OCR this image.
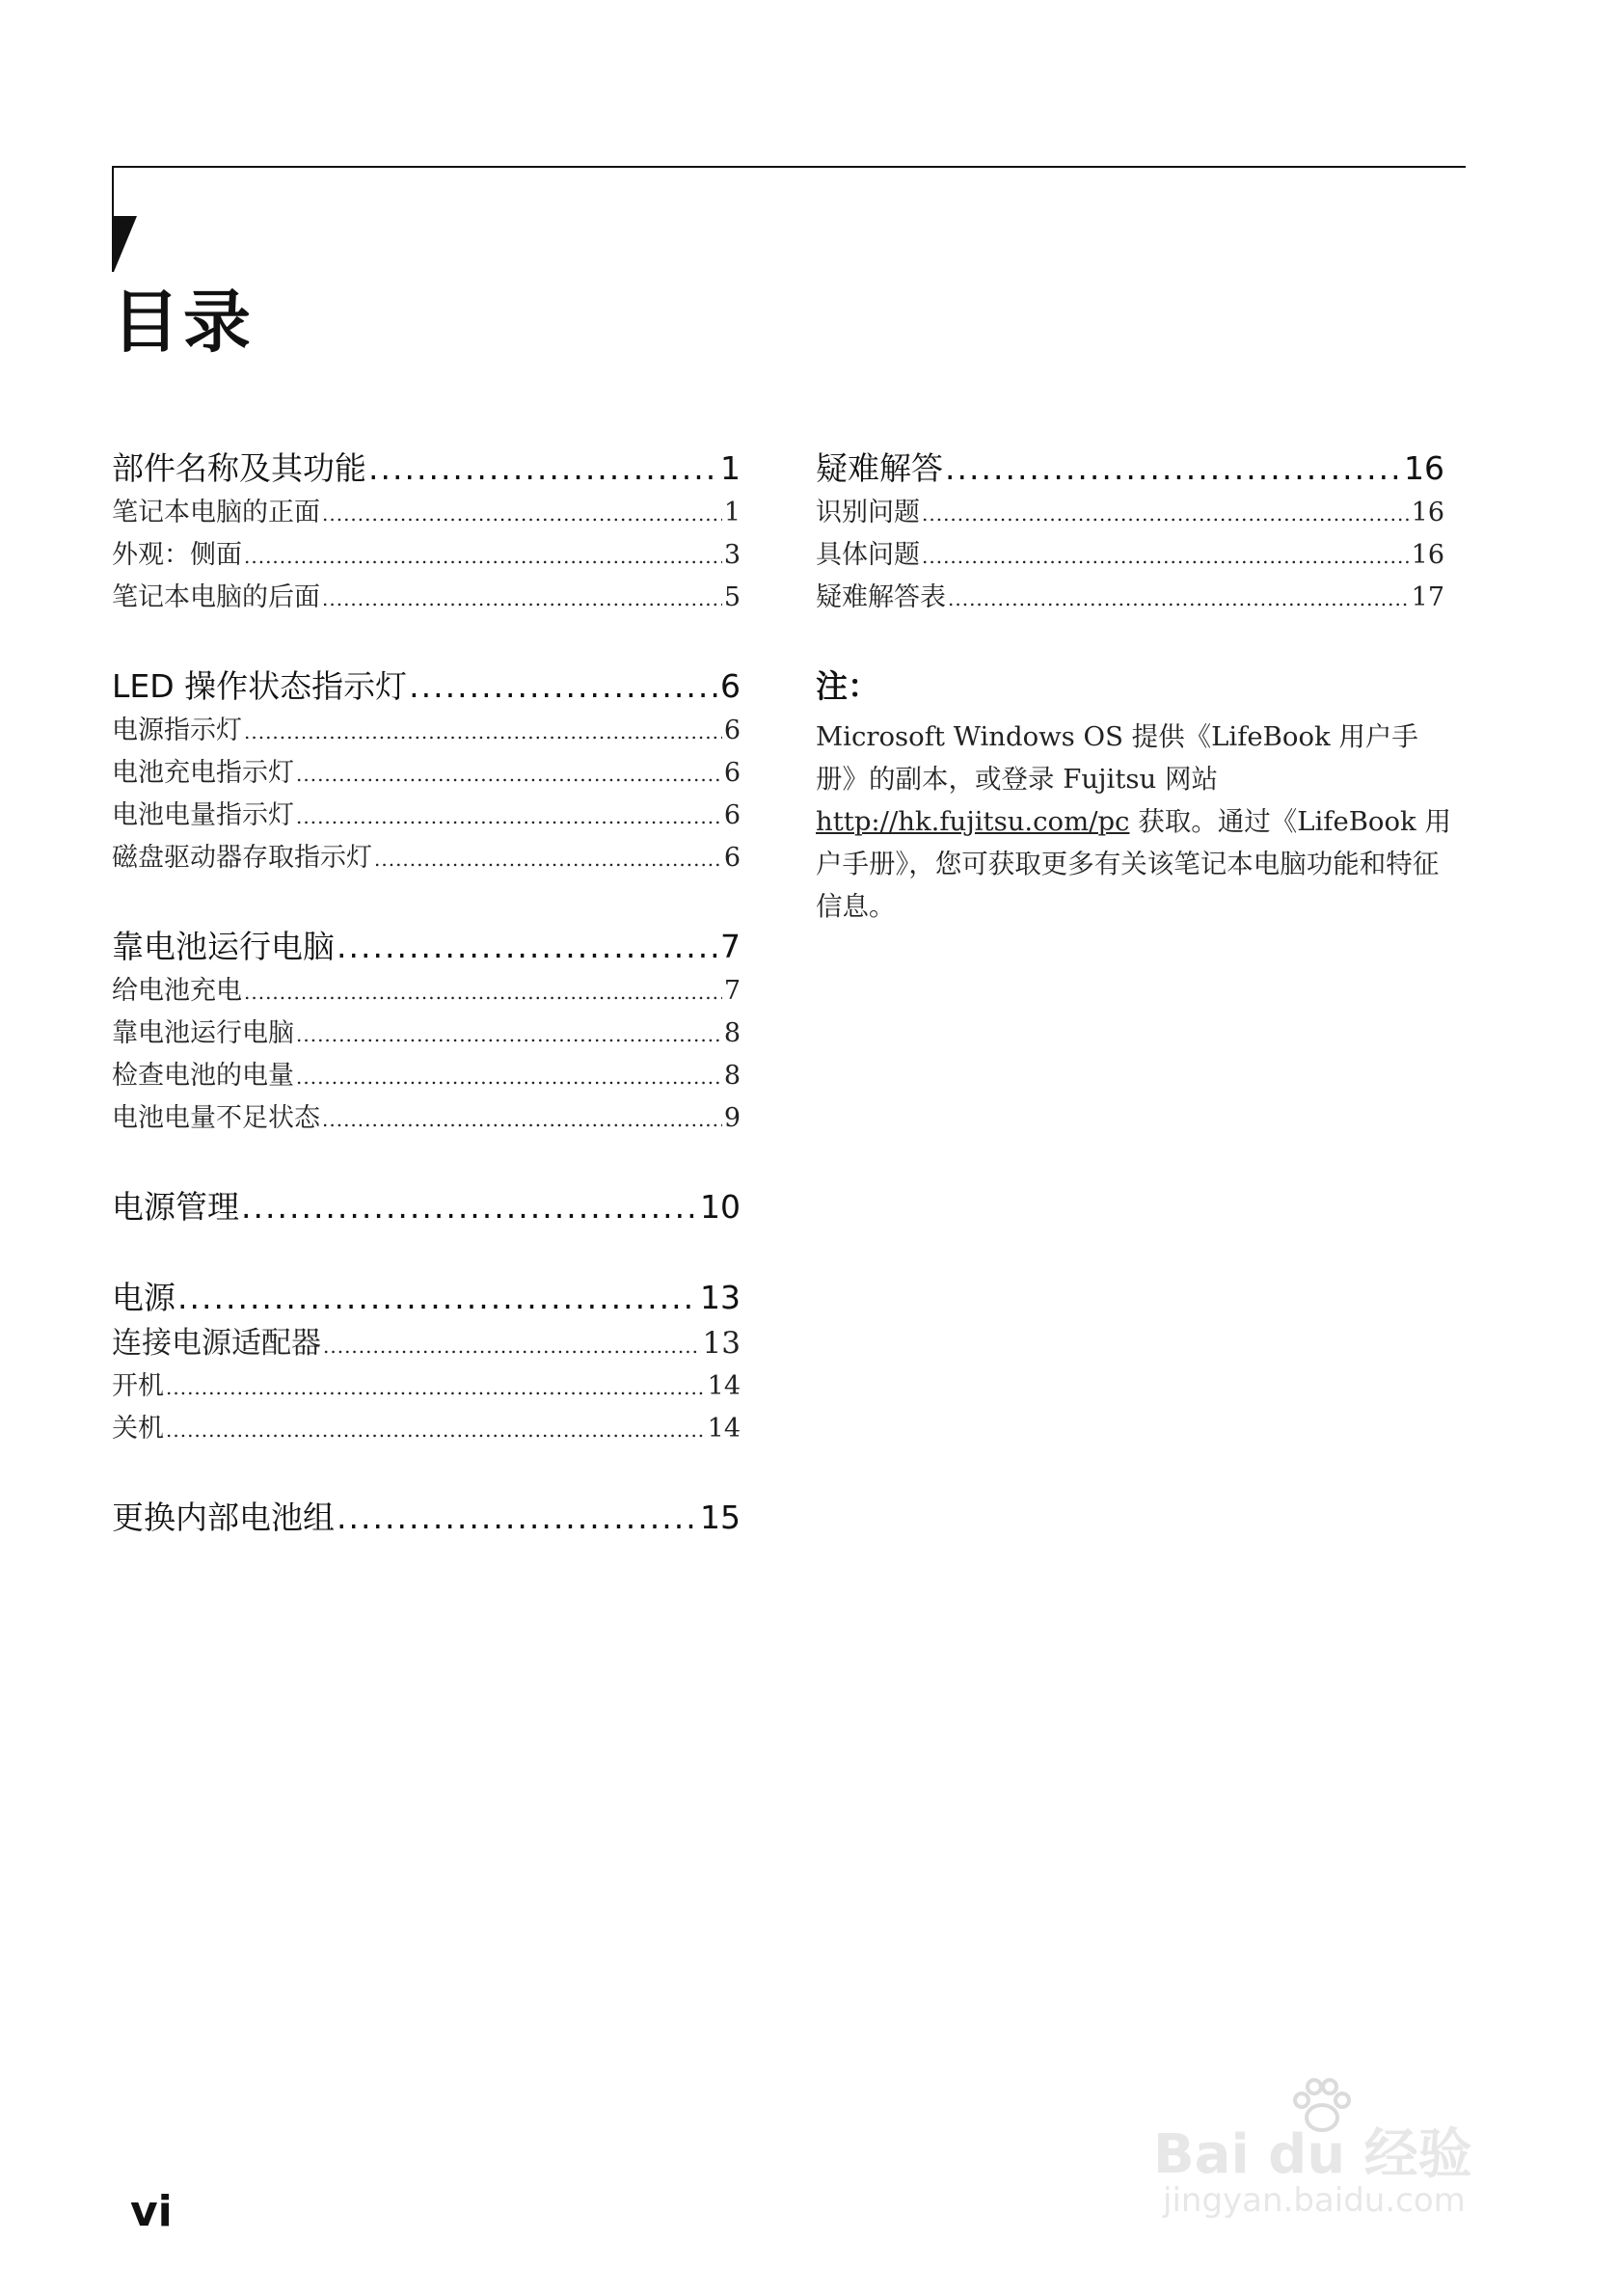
目录
部件名称及其功能 .....	1
笔记本电脑的正面 .....	1
外观：侧面 .....	3
笔记本电脑的后面 .....	5
LED 操作状态指示灯 .....	6
电源指示灯 .....	6
电池充电指示灯 .....	6
电池电量指示灯 .....	6
磁盘驱动器存取指示灯 .....	6
靠电池运行电脑 .....	7
给电池充电 .....	7
靠电池运行电脑 .....	8
检查电池的电量 .....	8
电池电量不足状态 .....	9
电源管理 .....	10
电源 .....	13
连接电源适配器 .....	13
开机 .....	14
关机 .....	14
更换内部电池组 .....	15
疑难解答 .....	16
识别问题 .....	16
具体问题 .....	16
疑难解答表 .....	17
注：

Microsoft Windows OS 提供《LifeBook 用户手册》的副本，或登录 Fujitsu 网站 http://hk.fujitsu.com/pc 获取。通过《LifeBook 用户手册》，您可获取更多有关该笔记本电脑功能和特征信息。

vi
Bai du 经验
jingyan.baidu.com
